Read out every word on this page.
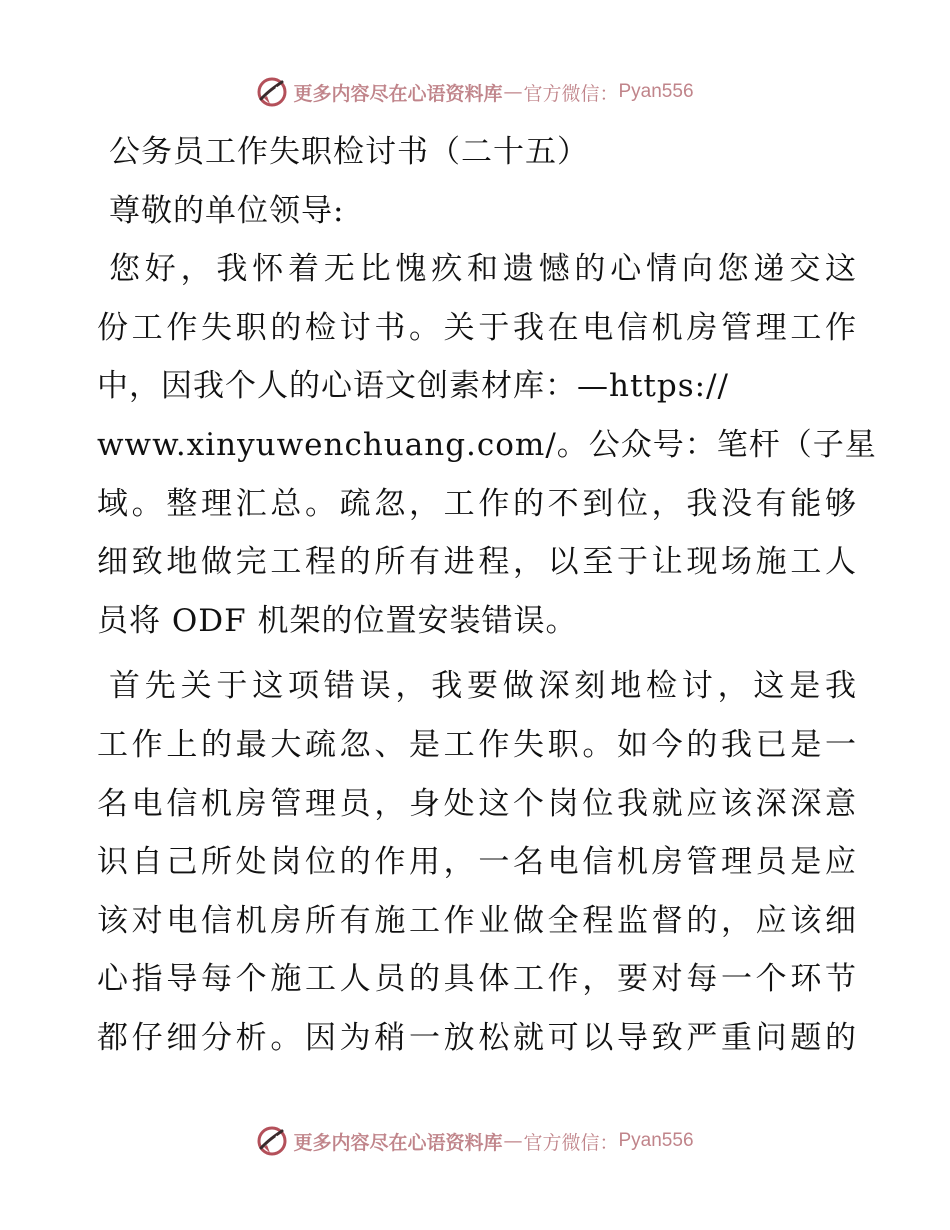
更多内容尽在心语资料库 — 官方微信： Pyan556
公务员工作失职检讨书（二十五）
尊敬的单位领导:
您好，我怀着无比愧疚和遗憾的心情向您递交这
份工作失职的检讨书。关于我在电信机房管理工作
中，因我个人的心语文创素材库：—https://
www.xinyuwenchuang.com/。公众号：笔杆（子星
域。整理汇总。疏忽，工作的不到位，我没有能够
细致地做完工程的所有进程，以至于让现场施工人
员将 ODF 机架的位置安装错误。
首先关于这项错误，我要做深刻地检讨，这是我
工作上的最大疏忽、是工作失职。如今的我已是一
名电信机房管理员，身处这个岗位我就应该深深意
识自己所处岗位的作用，一名电信机房管理员是应
该对电信机房所有施工作业做全程监督的，应该细
心指导每个施工人员的具体工作，要对每一个环节
都仔细分析。因为稍一放松就可以导致严重问题的
更多内容尽在心语资料库 — 官方微信： Pyan556
